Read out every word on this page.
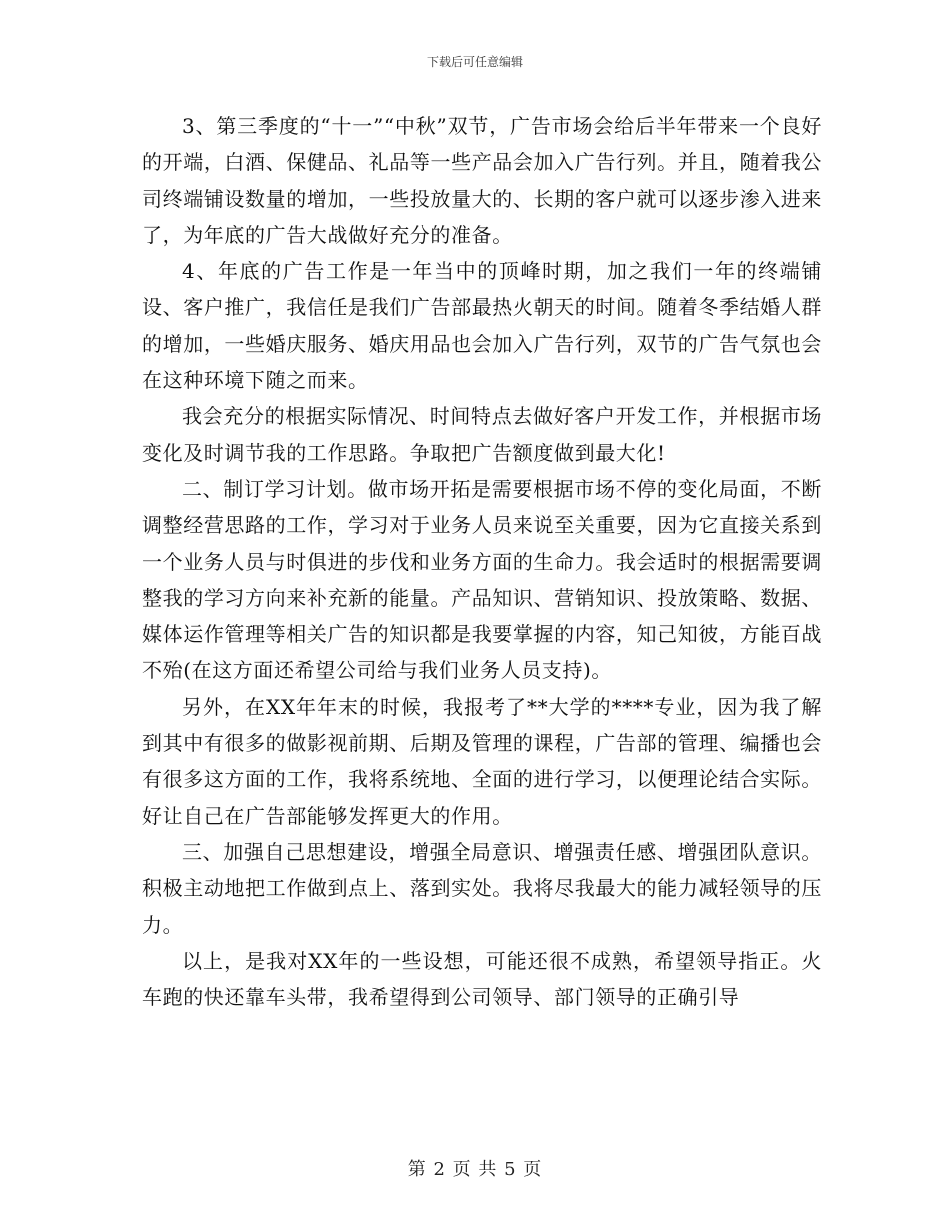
下载后可任意编辑

3、第三季度的“十一”“中秋”双节，广告市场会给后半年带来一个良好的开端，白酒、保健品、礼品等一些产品会加入广告行列。并且，随着我公司终端铺设数量的增加，一些投放量大的、长期的客户就可以逐步渗入进来了，为年底的广告大战做好充分的准备。

4、年底的广告工作是一年当中的顶峰时期，加之我们一年的终端铺设、客户推广，我信任是我们广告部最热火朝天的时间。随着冬季结婚人群的增加，一些婚庆服务、婚庆用品也会加入广告行列，双节的广告气氛也会在这种环境下随之而来。

我会充分的根据实际情况、时间特点去做好客户开发工作，并根据市场变化及时调节我的工作思路。争取把广告额度做到最大化!

二、制订学习计划。做市场开拓是需要根据市场不停的变化局面，不断调整经营思路的工作，学习对于业务人员来说至关重要，因为它直接关系到一个业务人员与时俱进的步伐和业务方面的生命力。我会适时的根据需要调整我的学习方向来补充新的能量。产品知识、营销知识、投放策略、数据、媒体运作管理等相关广告的知识都是我要掌握的内容，知己知彼，方能百战不殆(在这方面还希望公司给与我们业务人员支持)。

另外，在XX年年末的时候，我报考了**大学的****专业，因为我了解到其中有很多的做影视前期、后期及管理的课程，广告部的管理、编播也会有很多这方面的工作，我将系统地、全面的进行学习，以便理论结合实际。好让自己在广告部能够发挥更大的作用。

三、加强自己思想建设，增强全局意识、增强责任感、增强团队意识。积极主动地把工作做到点上、落到实处。我将尽我最大的能力减轻领导的压力。

以上，是我对XX年的一些设想，可能还很不成熟，希望领导指正。火车跑的快还靠车头带，我希望得到公司领导、部门领导的正确引导

第 2 页 共 5 页
